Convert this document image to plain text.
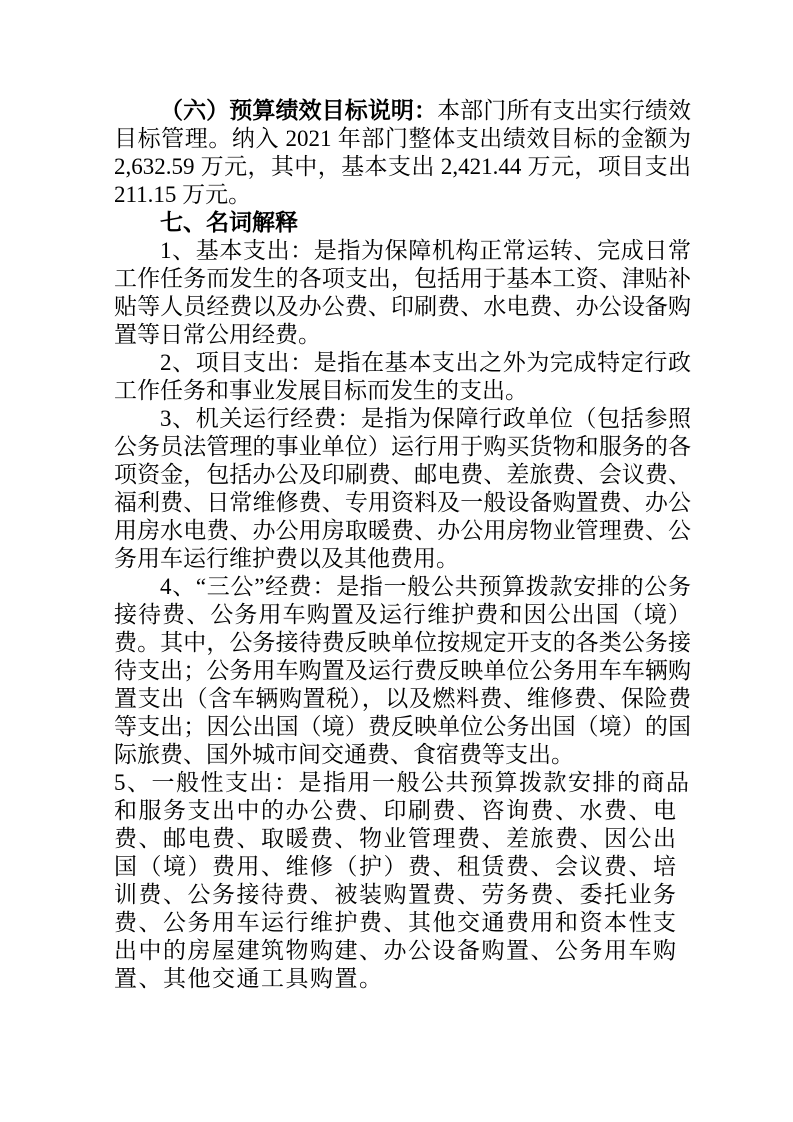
（六）预算绩效目标说明：本部门所有支出实行绩效目标管理。纳入 2021 年部门整体支出绩效目标的金额为 2,632.59 万元，其中，基本支出 2,421.44 万元，项目支出 211.15 万元。

七、名词解释

1、基本支出：是指为保障机构正常运转、完成日常工作任务而发生的各项支出，包括用于基本工资、津贴补贴等人员经费以及办公费、印刷费、水电费、办公设备购置等日常公用经费。

2、项目支出：是指在基本支出之外为完成特定行政工作任务和事业发展目标而发生的支出。

3、机关运行经费：是指为保障行政单位（包括参照公务员法管理的事业单位）运行用于购买货物和服务的各项资金，包括办公及印刷费、邮电费、差旅费、会议费、福利费、日常维修费、专用资料及一般设备购置费、办公用房水电费、办公用房取暖费、办公用房物业管理费、公务用车运行维护费以及其他费用。

4、“三公”经费：是指一般公共预算拨款安排的公务接待费、公务用车购置及运行维护费和因公出国（境）费。其中，公务接待费反映单位按规定开支的各类公务接待支出；公务用车购置及运行费反映单位公务用车车辆购置支出（含车辆购置税），以及燃料费、维修费、保险费等支出；因公出国（境）费反映单位公务出国（境）的国际旅费、国外城市间交通费、食宿费等支出。

5、一般性支出：是指用一般公共预算拨款安排的商品和服务支出中的办公费、印刷费、咨询费、水费、电费、邮电费、取暖费、物业管理费、差旅费、因公出国（境）费用、维修（护）费、租赁费、会议费、培训费、公务接待费、被装购置费、劳务费、委托业务费、公务用车运行维护费、其他交通费用和资本性支出中的房屋建筑物购建、办公设备购置、公务用车购置、其他交通工具购置。
